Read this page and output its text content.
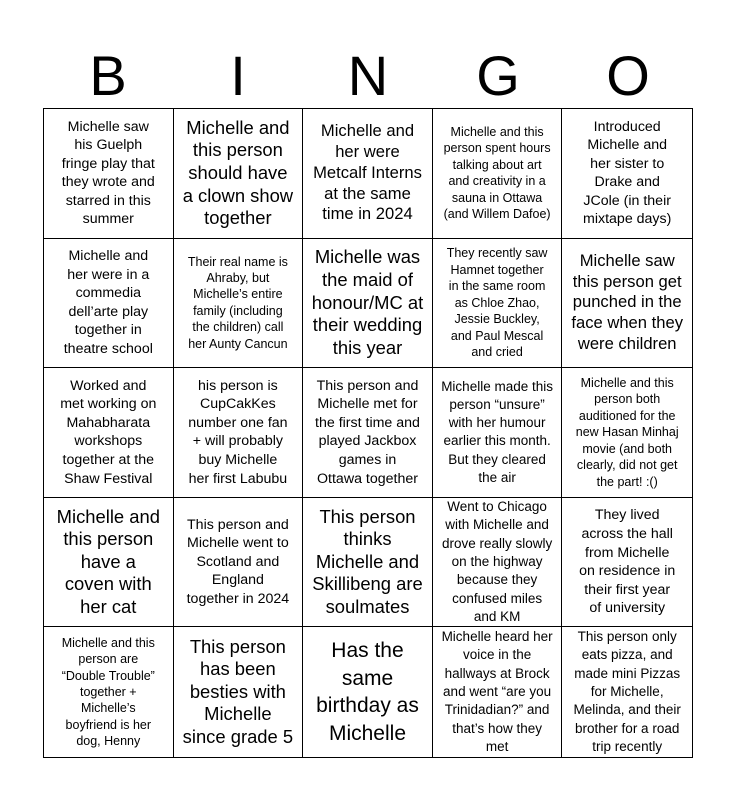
B	I	N	G	O
Michelle saw
his Guelph
fringe play that
they wrote and
starred in this
summer
Michelle and
this person
should have
a clown show
together
Michelle and
her were
Metcalf Interns
at the same
time in 2024
Michelle and this
person spent hours
talking about art
and creativity in a
sauna in Ottawa
(and Willem Dafoe)
Introduced
Michelle and
her sister to
Drake and
JCole (in their
mixtape days)
Michelle and
her were in a
commedia
dell’arte play
together in
theatre school
Their real name is
Ahraby, but
Michelle’s entire
family (including
the children) call
her Aunty Cancun
Michelle was
the maid of
honour/MC at
their wedding
this year
They recently saw
Hamnet together
in the same room
as Chloe Zhao,
Jessie Buckley,
and Paul Mescal
and cried
Michelle saw
this person get
punched in the
face when they
were children
Worked and
met working on
Mahabharata
workshops
together at the
Shaw Festival
his person is
CupCakKes
number one fan
+ will probably
buy Michelle
her first Labubu
This person and
Michelle met for
the first time and
played Jackbox
games in
Ottawa together
Michelle made this
person “unsure”
with her humour
earlier this month.
But they cleared
the air
Michelle and this
person both
auditioned for the
new Hasan Minhaj
movie (and both
clearly, did not get
the part! :()
Michelle and
this person
have a
coven with
her cat
This person and
Michelle went to
Scotland and
England
together in 2024
This person
thinks
Michelle and
Skillibeng are
soulmates
Went to Chicago
with Michelle and
drove really slowly
on the highway
because they
confused miles
and KM
They lived
across the hall
from Michelle
on residence in
their first year
of university
Michelle and this
person are
“Double Trouble”
together +
Michelle’s
boyfriend is her
dog, Henny
This person
has been
besties with
Michelle
since grade 5
Has the
same
birthday as
Michelle
Michelle heard her
voice in the
hallways at Brock
and went “are you
Trinidadian?” and
that’s how they
met
This person only
eats pizza, and
made mini Pizzas
for Michelle,
Melinda, and their
brother for a road
trip recently
